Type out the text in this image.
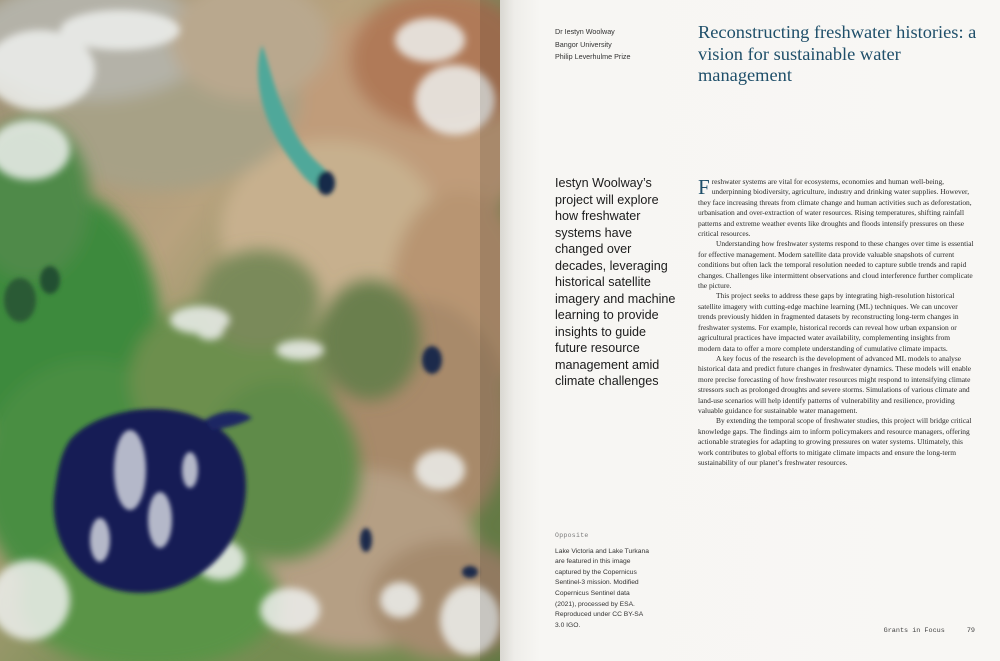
Dr Iestyn Woolway
Bangor University
Philip Leverhulme Prize
Reconstructing freshwater histories: a vision for sustainable water management
Iestyn Woolway’s project will explore how freshwater systems have changed over decades, leveraging historical satellite imagery and machine learning to provide insights to guide future resource management amid climate challenges

Freshwater systems are vital for ecosystems, economies and human well-being, underpinning biodiversity, agriculture, industry and drinking water supplies. However, they face increasing threats from climate change and human activities such as deforestation, urbanisation and over-extraction of water resources. Rising temperatures, shifting rainfall patterns and extreme weather events like droughts and floods intensify pressures on these critical resources.

Understanding how freshwater systems respond to these changes over time is essential for effective management. Modern satellite data provide valuable snapshots of current conditions but often lack the temporal resolution needed to capture subtle trends and rapid changes. Challenges like intermittent observations and cloud interference further complicate the picture.

This project seeks to address these gaps by integrating high-resolution historical satellite imagery with cutting-edge machine learning (ML) techniques. We can uncover trends previously hidden in fragmented datasets by reconstructing long-term changes in freshwater systems. For example, historical records can reveal how urban expansion or agricultural practices have impacted water availability, complementing insights from modern data to offer a more complete understanding of cumulative climate impacts.

A key focus of the research is the development of advanced ML models to analyse historical data and predict future changes in freshwater dynamics. These models will enable more precise forecasting of how freshwater resources might respond to intensifying climate stressors such as prolonged droughts and severe storms. Simulations of various climate and land-use scenarios will help identify patterns of vulnerability and resilience, providing valuable guidance for sustainable water management.

By extending the temporal scope of freshwater studies, this project will bridge critical knowledge gaps. The findings aim to inform policymakers and resource managers, offering actionable strategies for adapting to growing pressures on water systems. Ultimately, this work contributes to global efforts to mitigate climate impacts and ensure the long-term sustainability of our planet’s freshwater resources.

Opposite
Lake Victoria and Lake Turkana are featured in this image captured by the Copernicus Sentinel-3 mission. Modified Copernicus Sentinel data (2021), processed by ESA. Reproduced under CC BY-SA 3.0 IGO.
Grants in Focus	79
